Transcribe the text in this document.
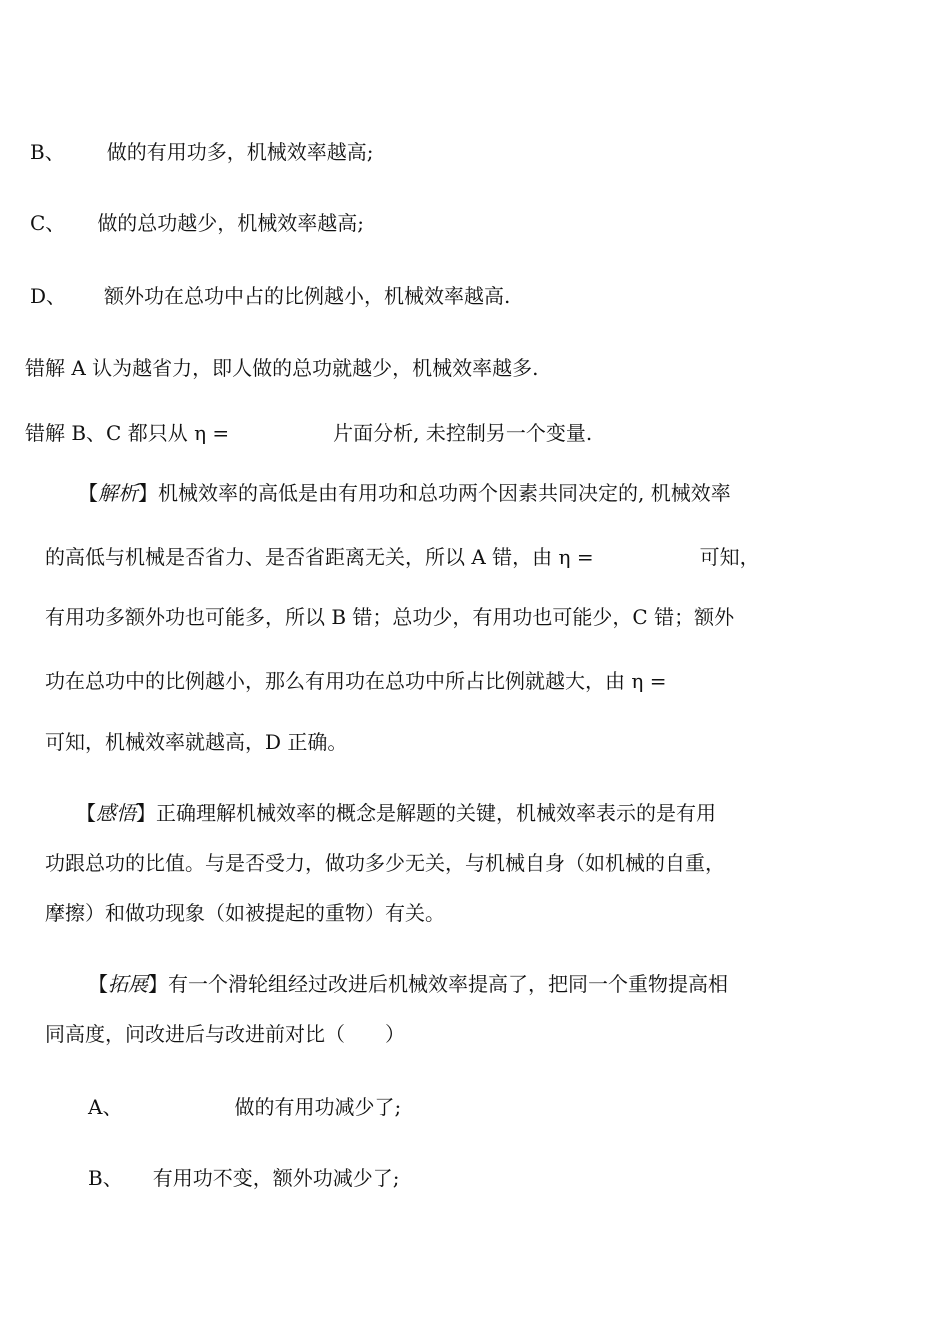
B、 做的有用功多，机械效率越高;
C、 做的总功越少，机械效率越高;
D、 额外功在总功中占的比例越小，机械效率越高.
错解 A 认为越省力，即人做的总功就越少，机械效率越多.
错解 B、C 都只从 η =	片面分析, 未控制另一个变量.
【解析】机械效率的高低是由有用功和总功两个因素共同决定的, 机械效率
的高低与机械是否省力、是否省距离无关，所以 A 错，由 η =	可知，
有用功多额外功也可能多，所以 B 错；总功少，有用功也可能少，C 错；额外
功在总功中的比例越小，那么有用功在总功中所占比例就越大，由 η =
可知，机械效率就越高，D 正确。
【感悟】正确理解机械效率的概念是解题的关键，机械效率表示的是有用
功跟总功的比值。与是否受力，做功多少无关，与机械自身（如机械的自重，
摩擦）和做功现象（如被提起的重物）有关。
【拓展】有一个滑轮组经过改进后机械效率提高了，把同一个重物提高相
同高度，问改进后与改进前对比（　　）
A、	做的有用功减少了;
B、 有用功不变，额外功减少了;
